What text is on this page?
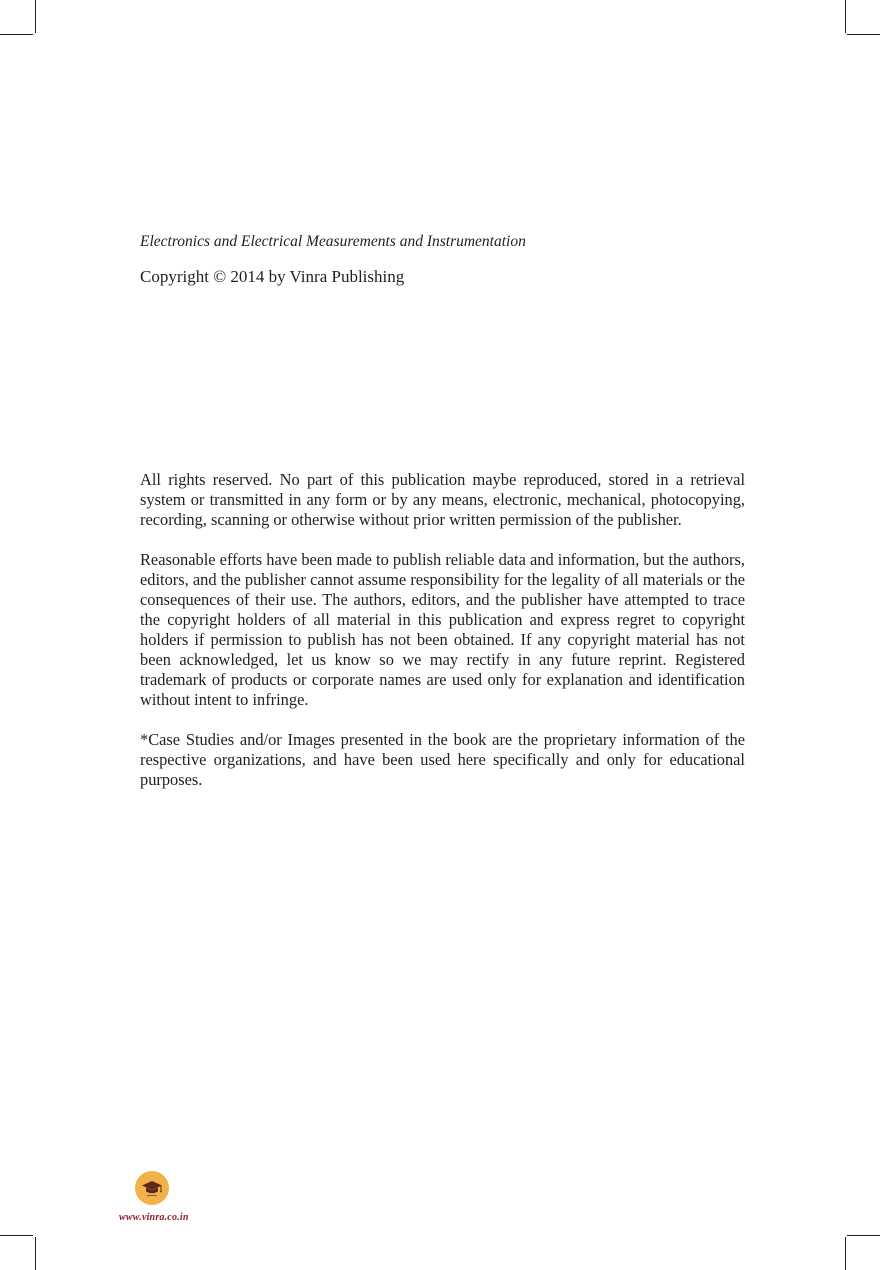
Electronics and Electrical Measurements and Instrumentation

Copyright © 2014 by Vinra Publishing

All rights reserved. No part of this publication maybe reproduced, stored in a retrieval system or transmitted in any form or by any means, electronic, mechanical, photocopying, recording, scanning or otherwise without prior written permission of the publisher.

Reasonable efforts have been made to publish reliable data and information, but the authors, editors, and the publisher cannot assume responsibility for the legality of all materials or the consequences of their use. The authors, editors, and the publisher have attempted to trace the copyright holders of all material in this publication and express regret to copyright holders if permission to publish has not been obtained. If any copyright material has not been acknowledged, let us know so we may rectify in any future reprint. Registered trademark of products or corporate names are used only for explanation and identification without intent to infringe.

*Case Studies and/or Images presented in the book are the proprietary information of the respective organizations, and have been used here specifically and only for educational purposes.

www.vinra.co.in
